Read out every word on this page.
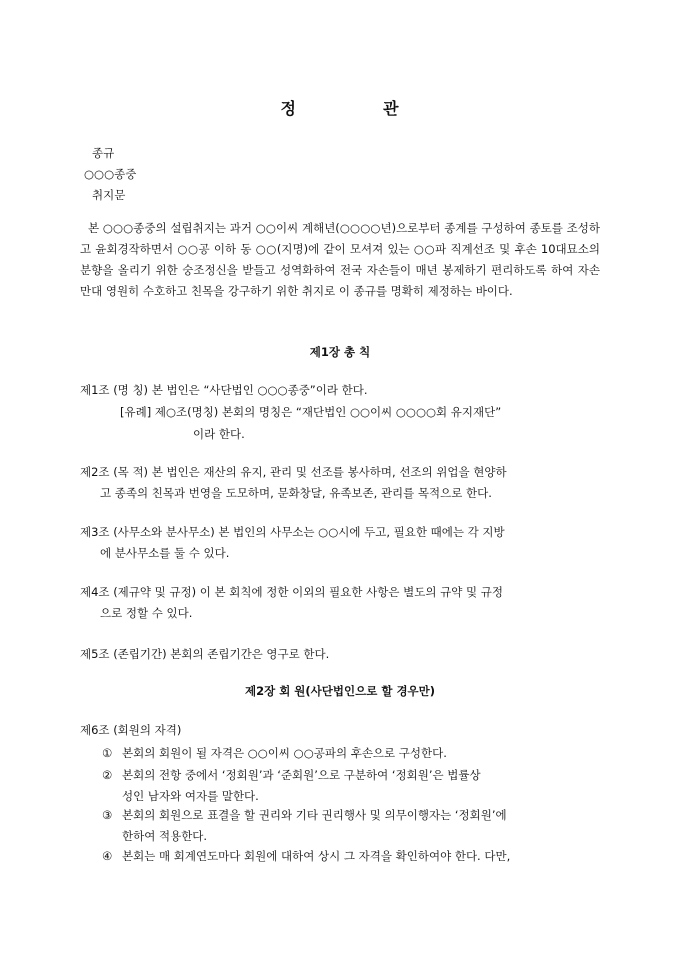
정	관
종규
○○○종중
취지문
본 ○○○종중의 설립취지는 과거 ○○이씨 계해년(○○○○년)으로부터 종계를 구성하여 종토를 조성하고 윤회경작하면서 ○○공 이하 동 ○○(지명)에 같이 모셔져 있는 ○○파 직계선조 및 후손 10대묘소의 분향을 올리기 위한 숭조정신을 받들고 성역화하여 전국 자손들이 매년 봉제하기 편리하도록 하여 자손만대 영원히 수호하고 친목을 강구하기 위한 취지로 이 종규를 명확히 제정하는 바이다.
제1장 총 칙
제1조 (명 칭) 본 법인은 “사단법인 ○○○종중”이라 한다.
[유례] 제○조(명칭) 본회의 명칭은 “재단법인 ○○이씨 ○○○○회 유지재단”
이라 한다.
제2조 (목 적) 본 법인은 재산의 유지, 관리 및 선조를 봉사하며, 선조의 위업을 현양하
고 종족의 친목과 번영을 도모하며, 문화창달, 유족보존, 관리를 목적으로 한다.
제3조 (사무소와 분사무소) 본 법인의 사무소는 ○○시에 두고, 필요한 때에는 각 지방
에 분사무소를 둘 수 있다.
제4조 (제규약 및 규정) 이 본 회칙에 정한 이외의 필요한 사항은 별도의 규약 및 규정
으로 정할 수 있다.
제5조 (존립기간) 본회의 존립기간은 영구로 한다.
제2장 회 원(사단법인으로 할 경우만)
제6조 (회원의 자격)
① 본회의 회원이 될 자격은 ○○이씨 ○○공파의 후손으로 구성한다.
② 본회의 전항 중에서 ‘정회원’과 ‘준회원’으로 구분하여 ‘정회원’은 법률상
성인 남자와 여자를 말한다.
③ 본회의 회원으로 표결을 할 권리와 기타 권리행사 및 의무이행자는 ‘정회원’에
한하여 적용한다.
④ 본회는 매 회계연도마다 회원에 대하여 상시 그 자격을 확인하여야 한다. 다만,
